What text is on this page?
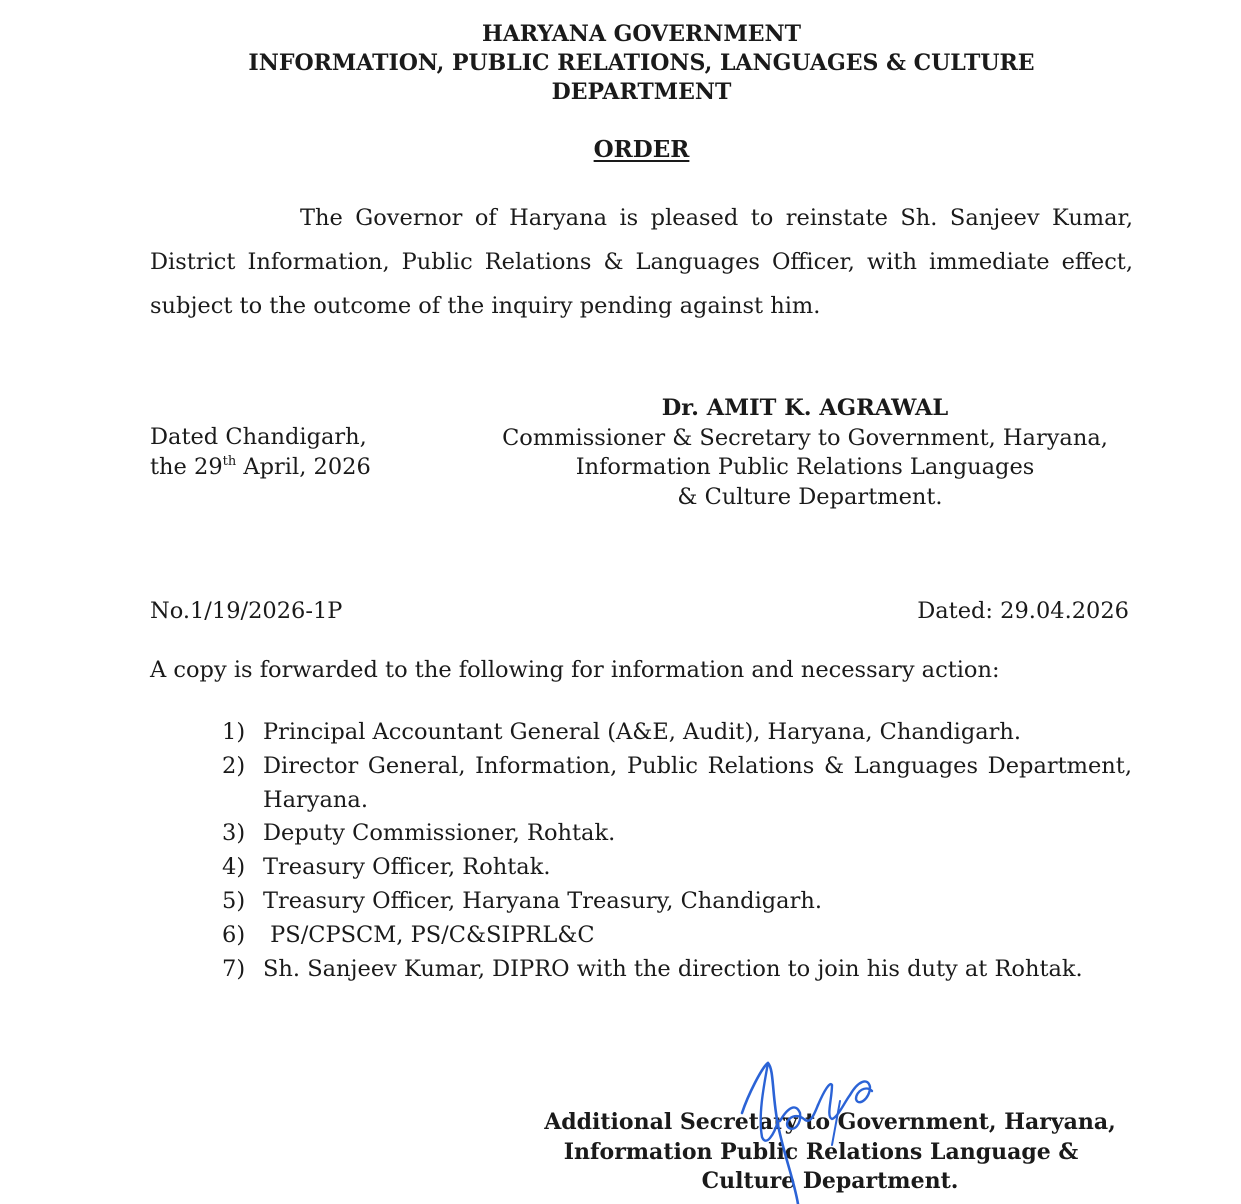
HARYANA GOVERNMENT
INFORMATION, PUBLIC RELATIONS, LANGUAGES & CULTURE
DEPARTMENT
ORDER
The Governor of Haryana is pleased to reinstate Sh. Sanjeev Kumar, District Information, Public Relations & Languages Officer, with immediate effect, subject to the outcome of the inquiry pending against him.
Dr. AMIT K. AGRAWAL
Commissioner & Secretary to Government, Haryana,
Information Public Relations Languages
& Culture Department.
Dated Chandigarh,
the 29th April, 2026
No.1/19/2026-1P	Dated: 29.04.2026
A copy is forwarded to the following for information and necessary action:
1) Principal Accountant General (A&E, Audit), Haryana, Chandigarh.
2) Director General, Information, Public Relations & Languages Department, Haryana.
3) Deputy Commissioner, Rohtak.
4) Treasury Officer, Rohtak.
5) Treasury Officer, Haryana Treasury, Chandigarh.
6) PS/CPSCM, PS/C&SIPRL&C
7) Sh. Sanjeev Kumar, DIPRO with the direction to join his duty at Rohtak.
Additional Secretary to Government, Haryana,
Information Public Relations Language &
Culture Department.
